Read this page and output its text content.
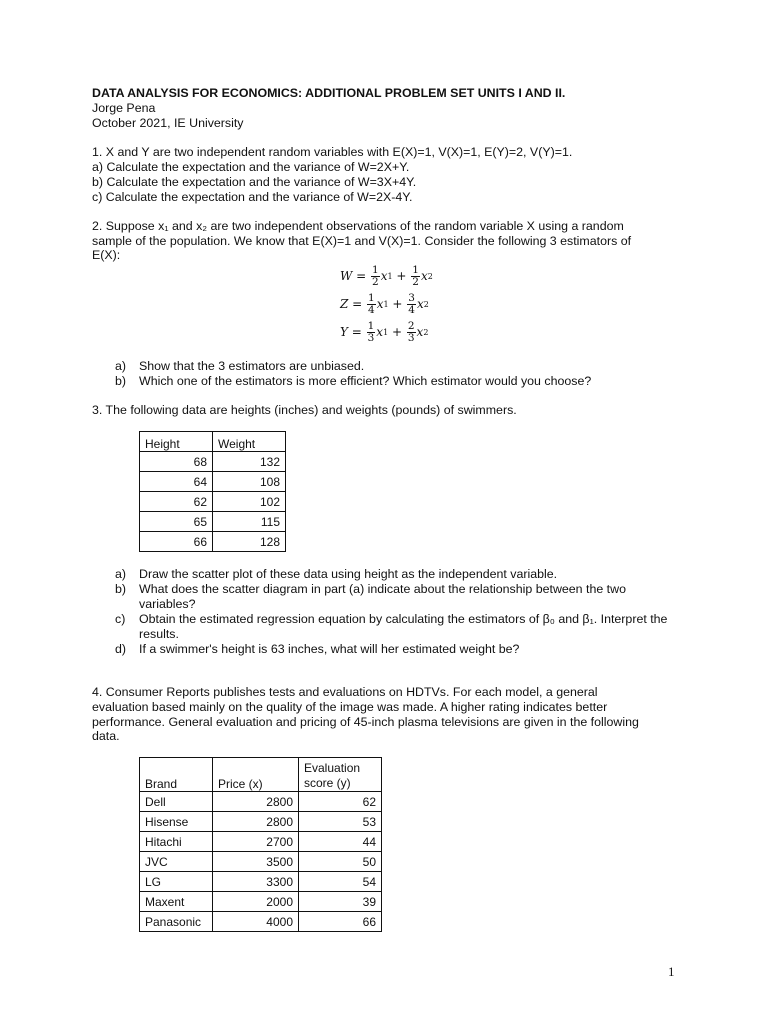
DATA ANALYSIS FOR ECONOMICS: ADDITIONAL PROBLEM SET UNITS I AND II.
Jorge Pena
October 2021, IE University
1. X and Y are two independent random variables with E(X)=1, V(X)=1, E(Y)=2, V(Y)=1.
a) Calculate the expectation and the variance of W=2X+Y.
b) Calculate the expectation and the variance of W=3X+4Y.
c) Calculate the expectation and the variance of W=2X-4Y.
2. Suppose x₁ and x₂ are two independent observations of the random variable X using a random
sample of the population. We know that E(X)=1 and V(X)=1. Consider the following 3 estimators of
E(X):
$W = \frac{1}{2}$ x $1 + \frac{1}{2}$ x 2
$Z = \frac{1}{4}$ x $1 + \frac{3}{4}$ x 2
$Y = \frac{1}{3}$ x $1 + \frac{2}{3}$ x 2
a) Show that the 3 estimators are unbiased.
b) Which one of the estimators is more efficient? Which estimator would you choose?
3. The following data are heights (inches) and weights (pounds) of swimmers.
Height	Weight
68	132
64	108
62	102
65	115
66	128
a) Draw the scatter plot of these data using height as the independent variable.
b) What does the scatter diagram in part (a) indicate about the relationship between the two variables?
c) Obtain the estimated regression equation by calculating the estimators of β₀ and β₁. Interpret the results.
d) If a swimmer's height is 63 inches, what will her estimated weight be?
4. Consumer Reports publishes tests and evaluations on HDTVs. For each model, a general
evaluation based mainly on the quality of the image was made. A higher rating indicates better
performance. General evaluation and pricing of 45-inch plasma televisions are given in the following
data.
Brand	Price (x)	Evaluation score (y)
Dell	2800	62
Hisense	2800	53
Hitachi	2700	44
JVC	3500	50
LG	3300	54
Maxent	2000	39
Panasonic	4000	66
1
